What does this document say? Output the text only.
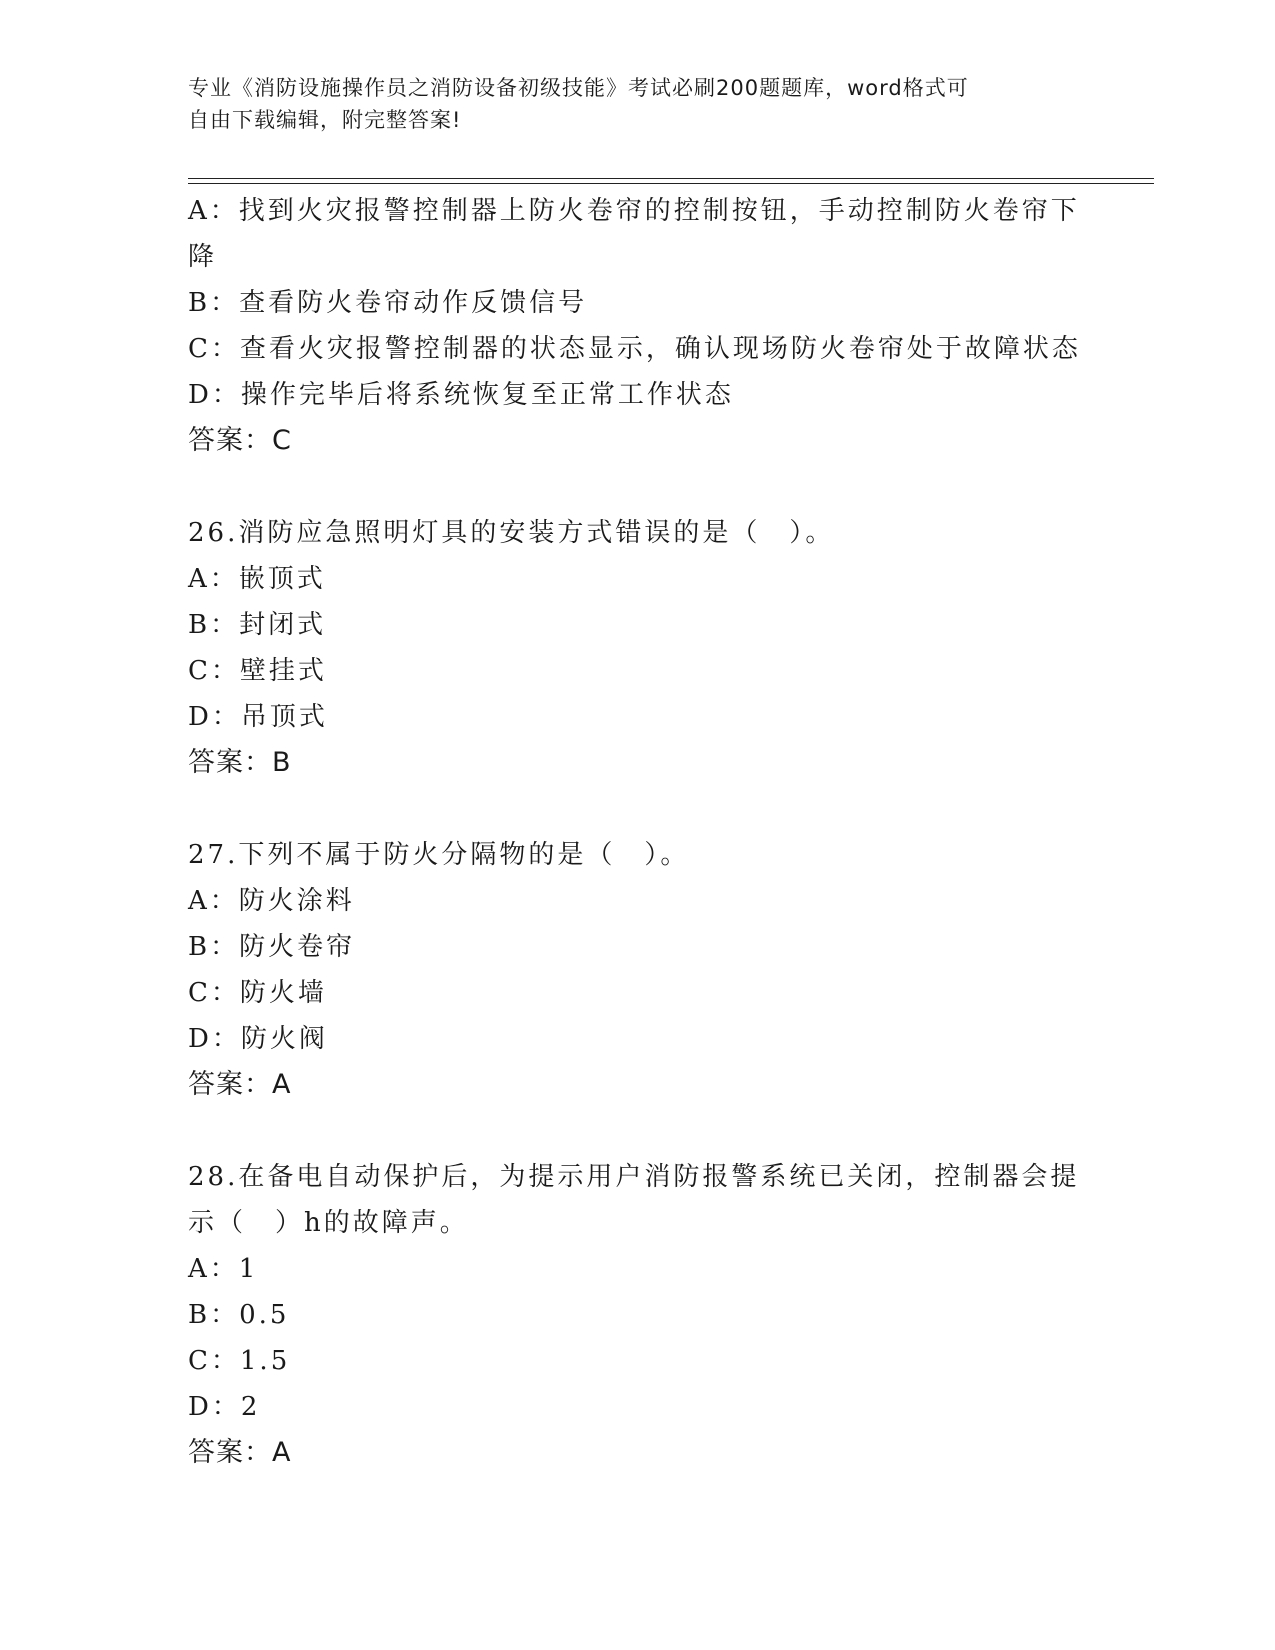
专业《消防设施操作员之消防设备初级技能》考试必刷200题题库，word格式可
自由下载编辑，附完整答案!
A：找到火灾报警控制器上防火卷帘的控制按钮，手动控制防火卷帘下降
B：查看防火卷帘动作反馈信号
C：查看火灾报警控制器的状态显示，确认现场防火卷帘处于故障状态
D：操作完毕后将系统恢复至正常工作状态
答案：C
26.消防应急照明灯具的安装方式错误的是（　）。
A：嵌顶式
B：封闭式
C：壁挂式
D：吊顶式
答案：B
27.下列不属于防火分隔物的是（　）。
A：防火涂料
B：防火卷帘
C：防火墙
D：防火阀
答案：A
28.在备电自动保护后，为提示用户消防报警系统已关闭，控制器会提示（　）h的故障声。
A：1
B：0.5
C：1.5
D：2
答案：A
